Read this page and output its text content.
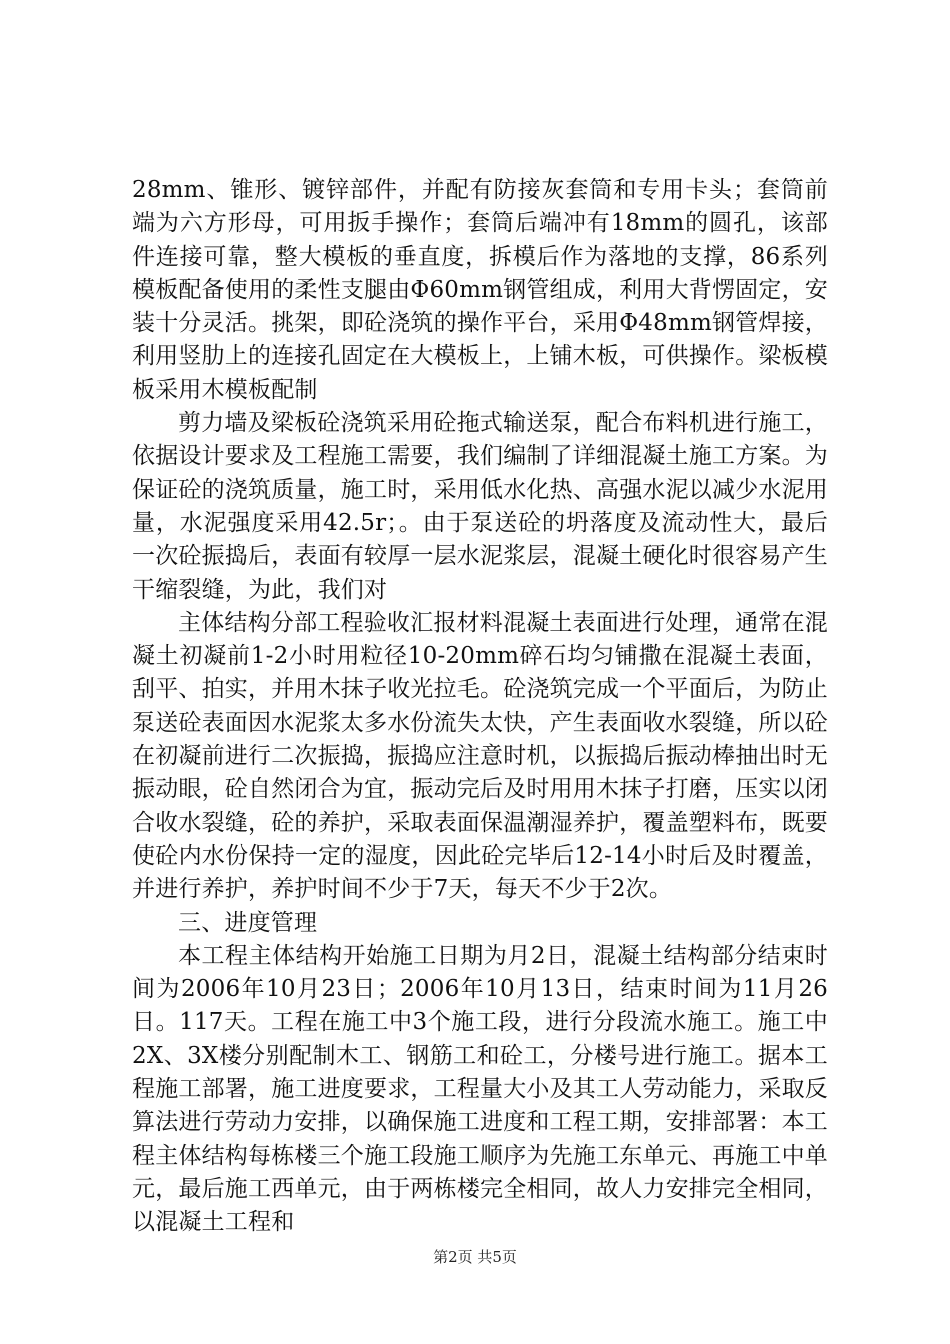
28mm、锥形、镀锌部件，并配有防接灰套筒和专用卡头；套筒前端为六方形母，可用扳手操作；套筒后端冲有18mm的圆孔，该部件连接可靠，整大模板的垂直度，拆模后作为落地的支撑，86系列模板配备使用的柔性支腿由Φ60mm钢管组成，利用大背愣固定，安装十分灵活。挑架，即砼浇筑的操作平台，采用Φ48mm钢管焊接，利用竖肋上的连接孔固定在大模板上，上铺木板，可供操作。梁板模板采用木模板配制

剪力墙及梁板砼浇筑采用砼拖式输送泵，配合布料机进行施工，依据设计要求及工程施工需要，我们编制了详细混凝土施工方案。为保证砼的浇筑质量，施工时，采用低水化热、高强水泥以减少水泥用量，水泥强度采用42.5r；。由于泵送砼的坍落度及流动性大，最后一次砼振捣后，表面有较厚一层水泥浆层，混凝土硬化时很容易产生干缩裂缝，为此，我们对

主体结构分部工程验收汇报材料混凝土表面进行处理，通常在混凝土初凝前1-2小时用粒径10-20mm碎石均匀铺撒在混凝土表面，刮平、拍实，并用木抹子收光拉毛。砼浇筑完成一个平面后，为防止泵送砼表面因水泥浆太多水份流失太快，产生表面收水裂缝，所以砼在初凝前进行二次振捣，振捣应注意时机，以振捣后振动棒抽出时无振动眼，砼自然闭合为宜，振动完后及时用用木抹子打磨，压实以闭合收水裂缝，砼的养护，采取表面保温潮湿养护，覆盖塑料布，既要使砼内水份保持一定的湿度，因此砼完毕后12-14小时后及时覆盖，并进行养护，养护时间不少于7天，每天不少于2次。

三、进度管理

本工程主体结构开始施工日期为月2日，混凝土结构部分结束时间为2006年10月23日；2006年10月13日，结束时间为11月26日。117天。工程在施工中3个施工段，进行分段流水施工。施工中2X、3X楼分别配制木工、钢筋工和砼工，分楼号进行施工。据本工程施工部署，施工进度要求，工程量大小及其工人劳动能力，采取反算法进行劳动力安排，以确保施工进度和工程工期，安排部署：本工程主体结构每栋楼三个施工段施工顺序为先施工东单元、再施工中单元，最后施工西单元，由于两栋楼完全相同，故人力安排完全相同，以混凝土工程和

第2页 共5页
